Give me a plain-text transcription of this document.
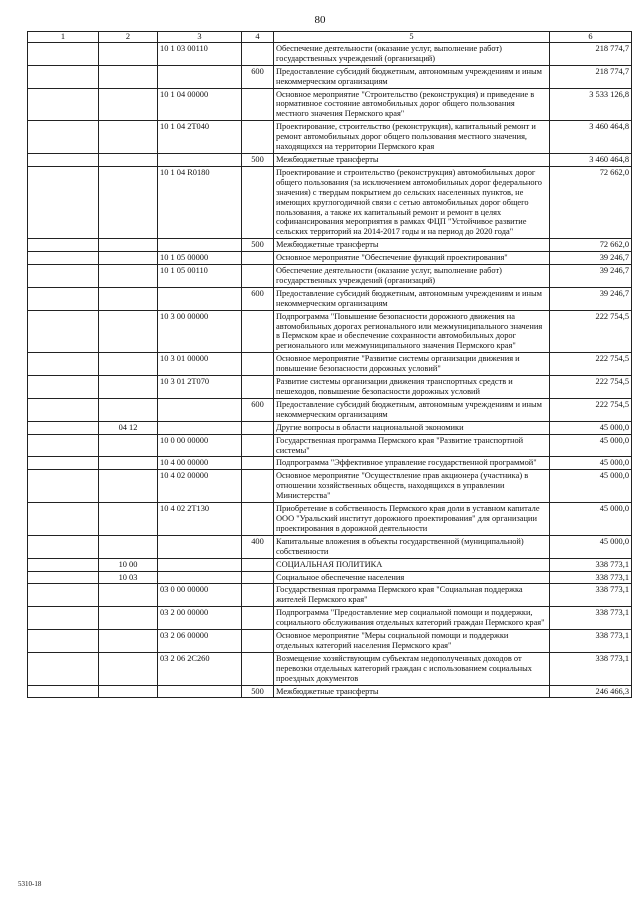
80
1	2	3	4	5	6
		10 1 03 00110		Обеспечение деятельности (оказание услуг, выполнение работ) государственных учреждений (организаций)	218 774,7
			600	Предоставление субсидий бюджетным, автономным учреждениям и иным некоммерческим организациям	218 774,7
		10 1 04 00000		Основное мероприятие "Строительство (реконструкция) и приведение в нормативное состояние автомобильных дорог общего пользования местного значения Пермского края"	3 533 126,8
		10 1 04 2Т040		Проектирование, строительство (реконструкция), капитальный ремонт и ремонт автомобильных дорог общего пользования местного значения, находящихся на территории Пермского края	3 460 464,8
			500	Межбюджетные трансферты	3 460 464,8
		10 1 04 R0180		Проектирование и строительство (реконструкция) автомобильных дорог общего пользования (за исключением автомобильных дорог федерального значения) с твердым покрытием до сельских населенных пунктов, не имеющих круглогодичной связи с сетью автомобильных дорог общего пользования, а также их капитальный ремонт и ремонт в целях софинансирования мероприятия в рамках ФЦП "Устойчивое развитие сельских территорий на 2014-2017 годы и на период до 2020 года"	72 662,0
			500	Межбюджетные трансферты	72 662,0
		10 1 05 00000		Основное мероприятие "Обеспечение функций проектирования"	39 246,7
		10 1 05 00110		Обеспечение деятельности (оказание услуг, выполнение работ) государственных учреждений (организаций)	39 246,7
			600	Предоставление субсидий бюджетным, автономным учреждениям и иным некоммерческим организациям	39 246,7
		10 3 00 00000		Подпрограмма "Повышение безопасности дорожного движения на автомобильных дорогах регионального или межмуниципального значения в Пермском крае и обеспечение сохранности автомобильных дорог регионального или межмуниципального значения Пермского края"	222 754,5
		10 3 01 00000		Основное мероприятие "Развитие системы организации движения и повышение безопасности дорожных условий"	222 754,5
		10 3 01 2Т070		Развитие системы организации движения транспортных средств и пешеходов, повышение безопасности дорожных условий	222 754,5
			600	Предоставление субсидий бюджетным, автономным учреждениям и иным некоммерческим организациям	222 754,5
	04 12			Другие вопросы в области национальной экономики	45 000,0
		10 0 00 00000		Государственная программа Пермского края "Развитие транспортной системы"	45 000,0
		10 4 00 00000		Подпрограмма "Эффективное управление государственной программой"	45 000,0
		10 4 02 00000		Основное мероприятие "Осуществление прав акционера (участника) в отношении хозяйственных обществ, находящихся в управлении Министерства"	45 000,0
		10 4 02 2Т130		Приобретение в собственность Пермского края доли в уставном капитале ООО "Уральский институт дорожного проектирования" для организации проектирования в дорожной деятельности	45 000,0
			400	Капитальные вложения в объекты государственной (муниципальной) собственности	45 000,0
	10 00			СОЦИАЛЬНАЯ ПОЛИТИКА	338 773,1
	10 03			Социальное обеспечение населения	338 773,1
		03 0 00 00000		Государственная программа Пермского края "Социальная поддержка жителей Пермского края"	338 773,1
		03 2 00 00000		Подпрограмма "Предоставление мер социальной помощи и поддержки, социального обслуживания отдельных категорий граждан Пермского края"	338 773,1
		03 2 06 00000		Основное мероприятие "Меры социальной помощи и поддержки отдельных категорий населения Пермского края"	338 773,1
		03 2 06 2С260		Возмещение хозяйствующим субъектам недополученных доходов от перевозки отдельных категорий граждан с использованием социальных проездных документов	338 773,1
			500	Межбюджетные трансферты	246 466,3
5310-18
